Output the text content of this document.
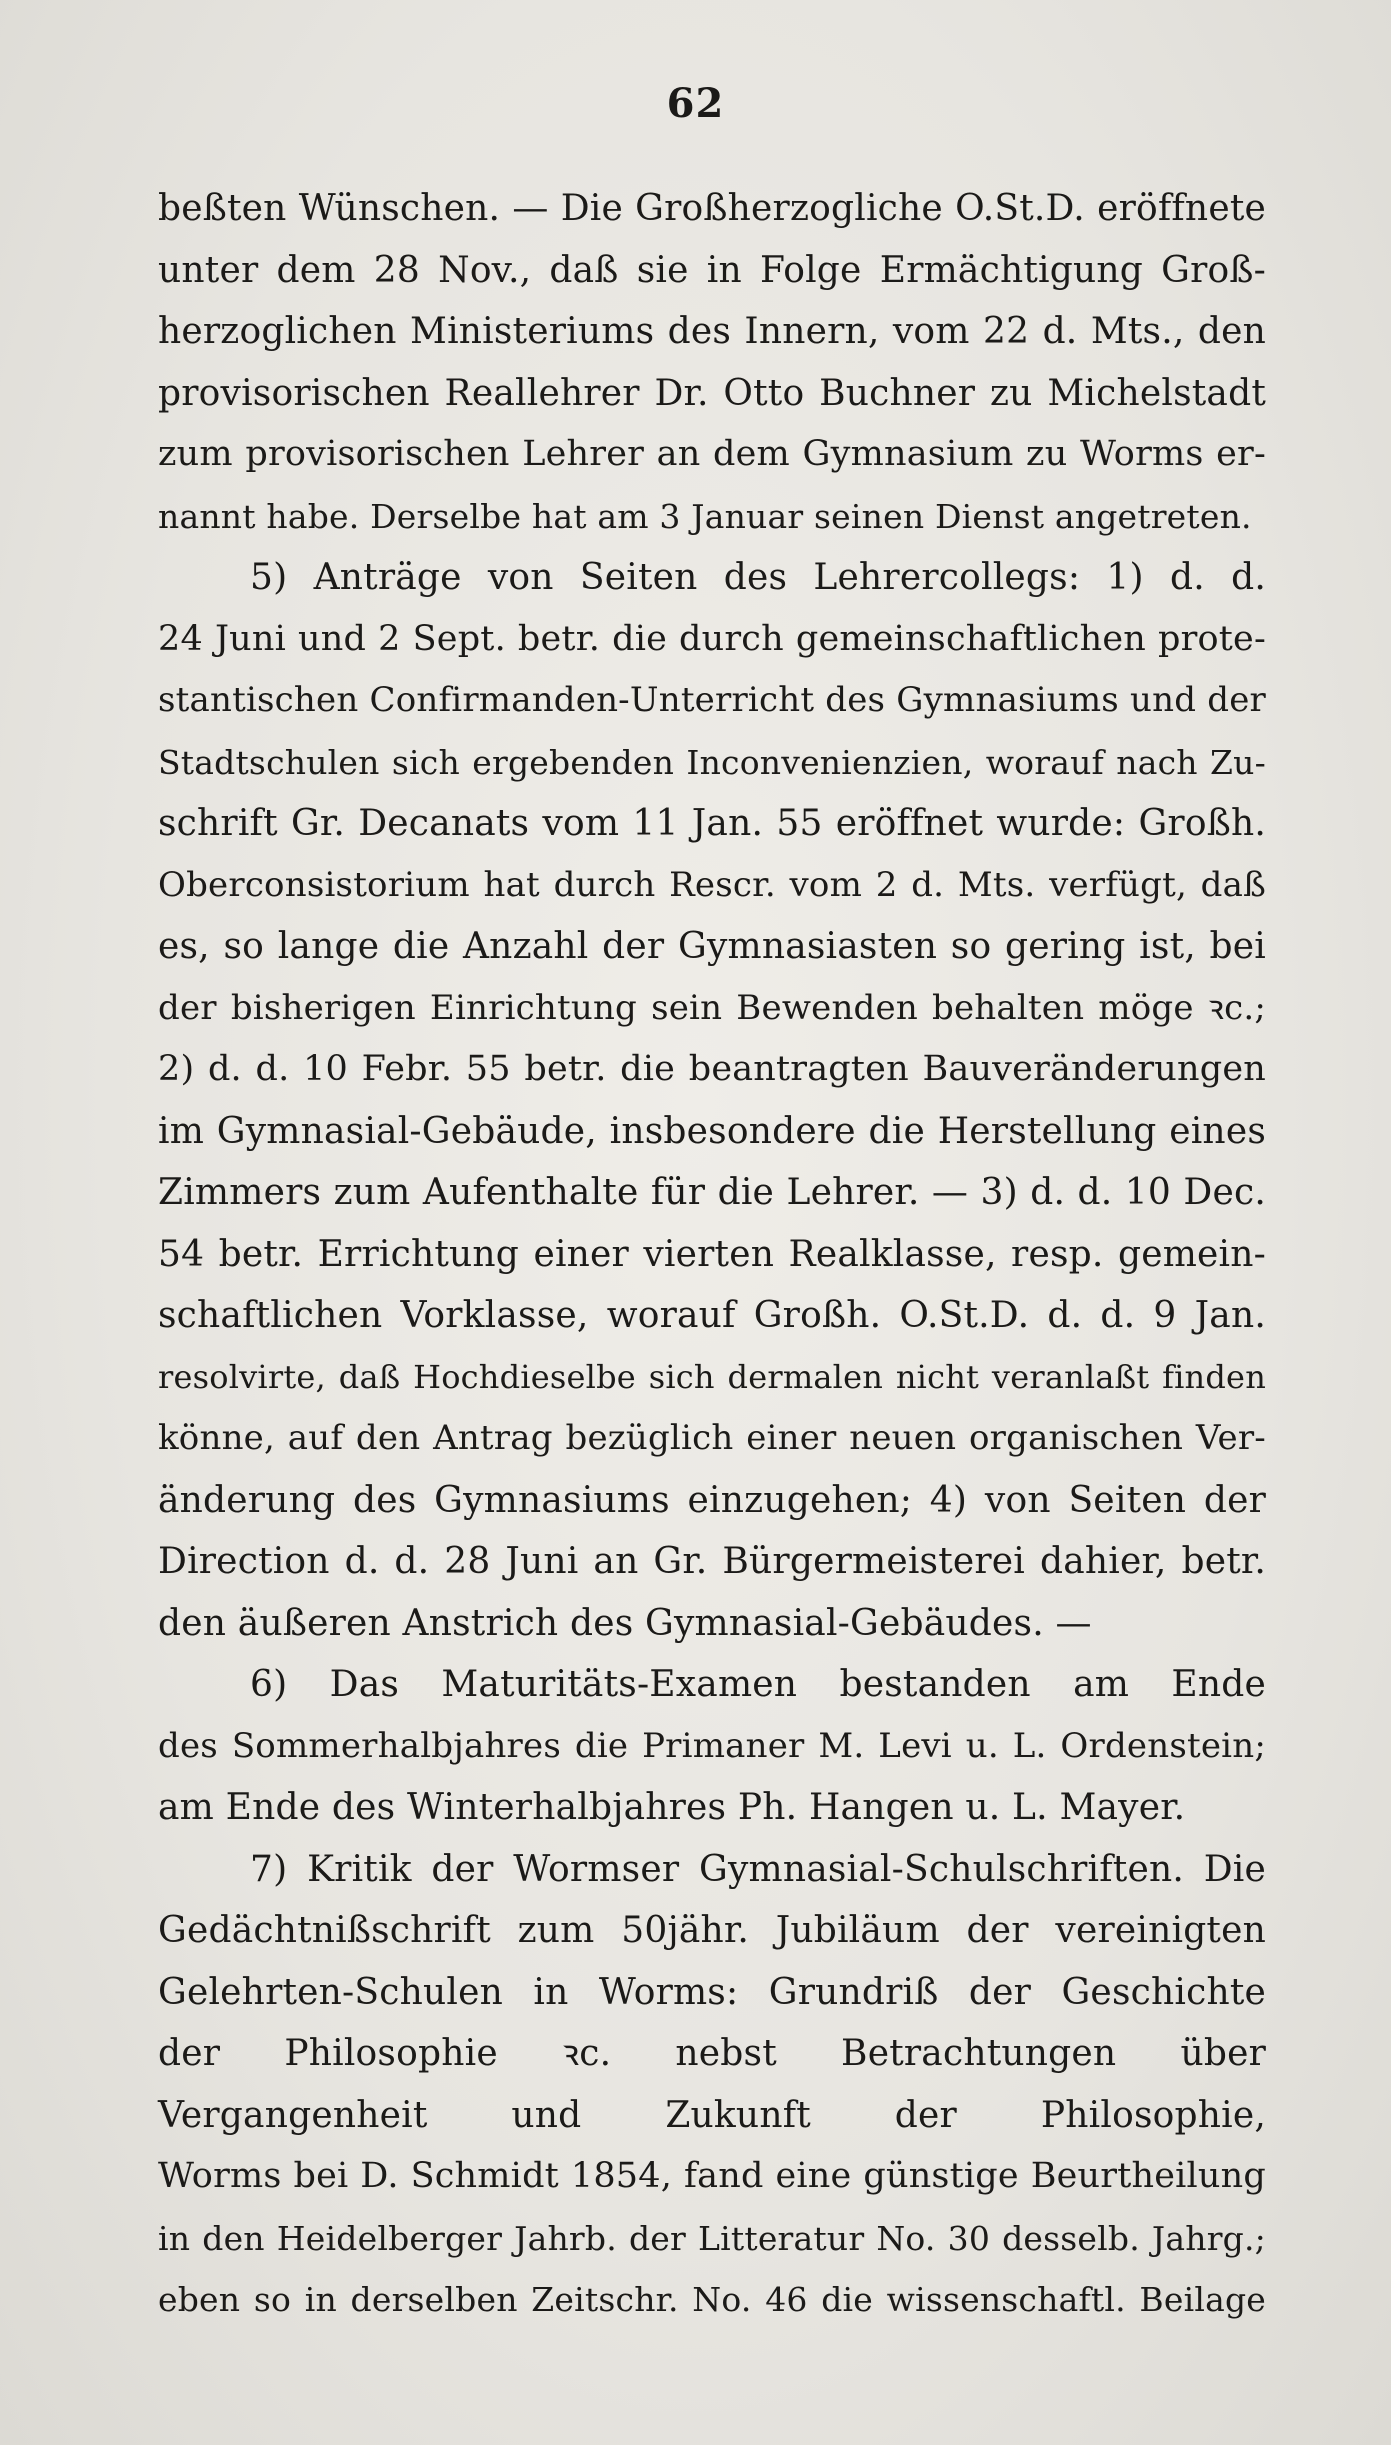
62
beßten Wünschen. — Die Großherzogliche O.St.D. eröffnete
unter dem 28 Nov., daß sie in Folge Ermächtigung Groß-
herzoglichen Ministeriums des Innern, vom 22 d. Mts., den
provisorischen Reallehrer Dr. Otto Buchner zu Michelstadt
zum provisorischen Lehrer an dem Gymnasium zu Worms er-
nannt habe. Derselbe hat am 3 Januar seinen Dienst angetreten.
5) Anträge von Seiten des Lehrercollegs: 1) d. d.
24 Juni und 2 Sept. betr. die durch gemeinschaftlichen prote-
stantischen Confirmanden-Unterricht des Gymnasiums und der
Stadtschulen sich ergebenden Inconvenienzien, worauf nach Zu-
schrift Gr. Decanats vom 11 Jan. 55 eröffnet wurde: Großh.
Oberconsistorium hat durch Rescr. vom 2 d. Mts. verfügt, daß
es, so lange die Anzahl der Gymnasiasten so gering ist, bei
der bisherigen Einrichtung sein Bewenden behalten möge ꝛc.;
2) d. d. 10 Febr. 55 betr. die beantragten Bauveränderungen
im Gymnasial-Gebäude, insbesondere die Herstellung eines
Zimmers zum Aufenthalte für die Lehrer. — 3) d. d. 10 Dec.
54 betr. Errichtung einer vierten Realklasse, resp. gemein-
schaftlichen Vorklasse, worauf Großh. O.St.D. d. d. 9 Jan.
resolvirte, daß Hochdieselbe sich dermalen nicht veranlaßt finden
könne, auf den Antrag bezüglich einer neuen organischen Ver-
änderung des Gymnasiums einzugehen; 4) von Seiten der
Direction d. d. 28 Juni an Gr. Bürgermeisterei dahier, betr.
den äußeren Anstrich des Gymnasial-Gebäudes. —
6) Das Maturitäts-Examen bestanden am Ende
des Sommerhalbjahres die Primaner M. Levi u. L. Ordenstein;
am Ende des Winterhalbjahres Ph. Hangen u. L. Mayer.
7) Kritik der Wormser Gymnasial-Schulschriften. Die
Gedächtnißschrift zum 50jähr. Jubiläum der vereinigten
Gelehrten-Schulen in Worms: Grundriß der Geschichte
der Philosophie ꝛc. nebst Betrachtungen über
Vergangenheit und Zukunft der Philosophie,
Worms bei D. Schmidt 1854, fand eine günstige Beurtheilung
in den Heidelberger Jahrb. der Litteratur No. 30 desselb. Jahrg.;
eben so in derselben Zeitschr. No. 46 die wissenschaftl. Beilage
